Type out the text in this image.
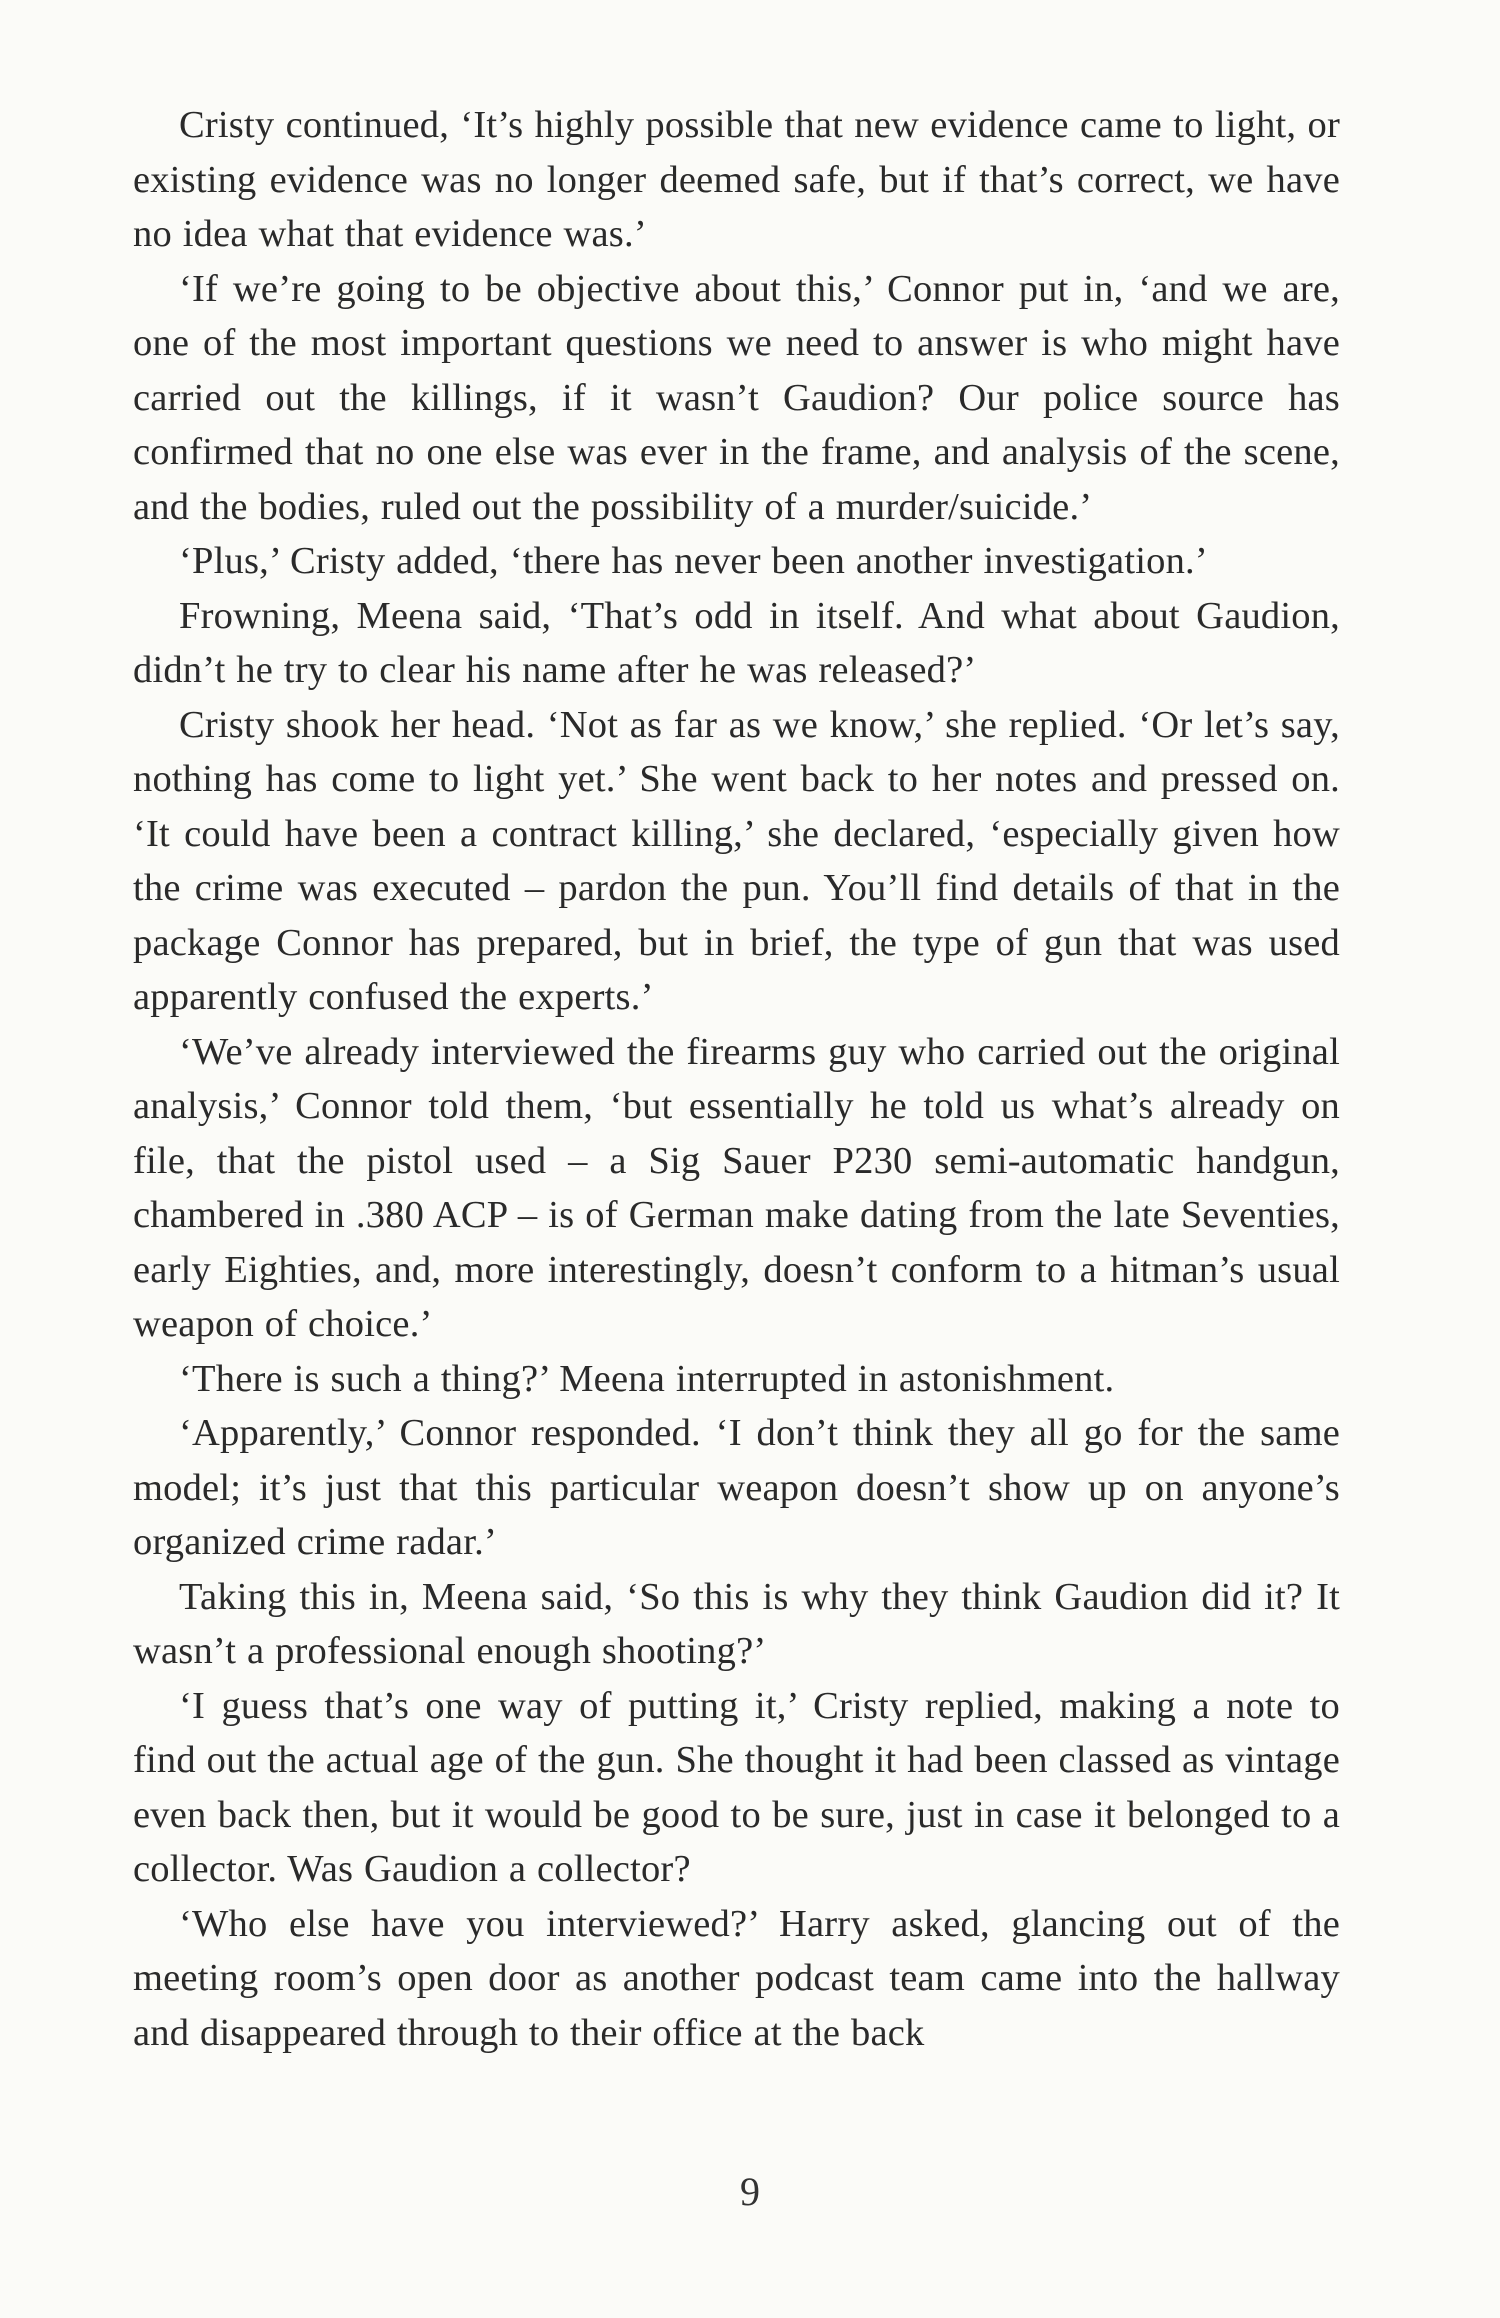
Cristy continued, ‘It’s highly possible that new evidence came to light, or existing evidence was no longer deemed safe, but if that’s correct, we have no idea what that evidence was.’

‘If we’re going to be objective about this,’ Connor put in, ‘and we are, one of the most important questions we need to answer is who might have carried out the killings, if it wasn’t Gaudion? Our police source has confirmed that no one else was ever in the frame, and analysis of the scene, and the bodies, ruled out the possibility of a murder/suicide.’

‘Plus,’ Cristy added, ‘there has never been another investigation.’

Frowning, Meena said, ‘That’s odd in itself. And what about Gaudion, didn’t he try to clear his name after he was released?’

Cristy shook her head. ‘Not as far as we know,’ she replied. ‘Or let’s say, nothing has come to light yet.’ She went back to her notes and pressed on. ‘It could have been a contract killing,’ she declared, ‘especially given how the crime was executed – pardon the pun. You’ll find details of that in the package Connor has prepared, but in brief, the type of gun that was used apparently confused the experts.’

‘We’ve already interviewed the firearms guy who carried out the original analysis,’ Connor told them, ‘but essentially he told us what’s already on file, that the pistol used – a Sig Sauer P230 semi-automatic handgun, chambered in .380 ACP – is of German make dating from the late Seventies, early Eighties, and, more interestingly, doesn’t conform to a hitman’s usual weapon of choice.’

‘There is such a thing?’ Meena interrupted in astonishment.

‘Apparently,’ Connor responded. ‘I don’t think they all go for the same model; it’s just that this particular weapon doesn’t show up on anyone’s organized crime radar.’

Taking this in, Meena said, ‘So this is why they think Gaudion did it? It wasn’t a professional enough shooting?’

‘I guess that’s one way of putting it,’ Cristy replied, making a note to find out the actual age of the gun. She thought it had been classed as vintage even back then, but it would be good to be sure, just in case it belonged to a collector. Was Gaudion a collector?

‘Who else have you interviewed?’ Harry asked, glancing out of the meeting room’s open door as another podcast team came into the hallway and disappeared through to their office at the back

9
